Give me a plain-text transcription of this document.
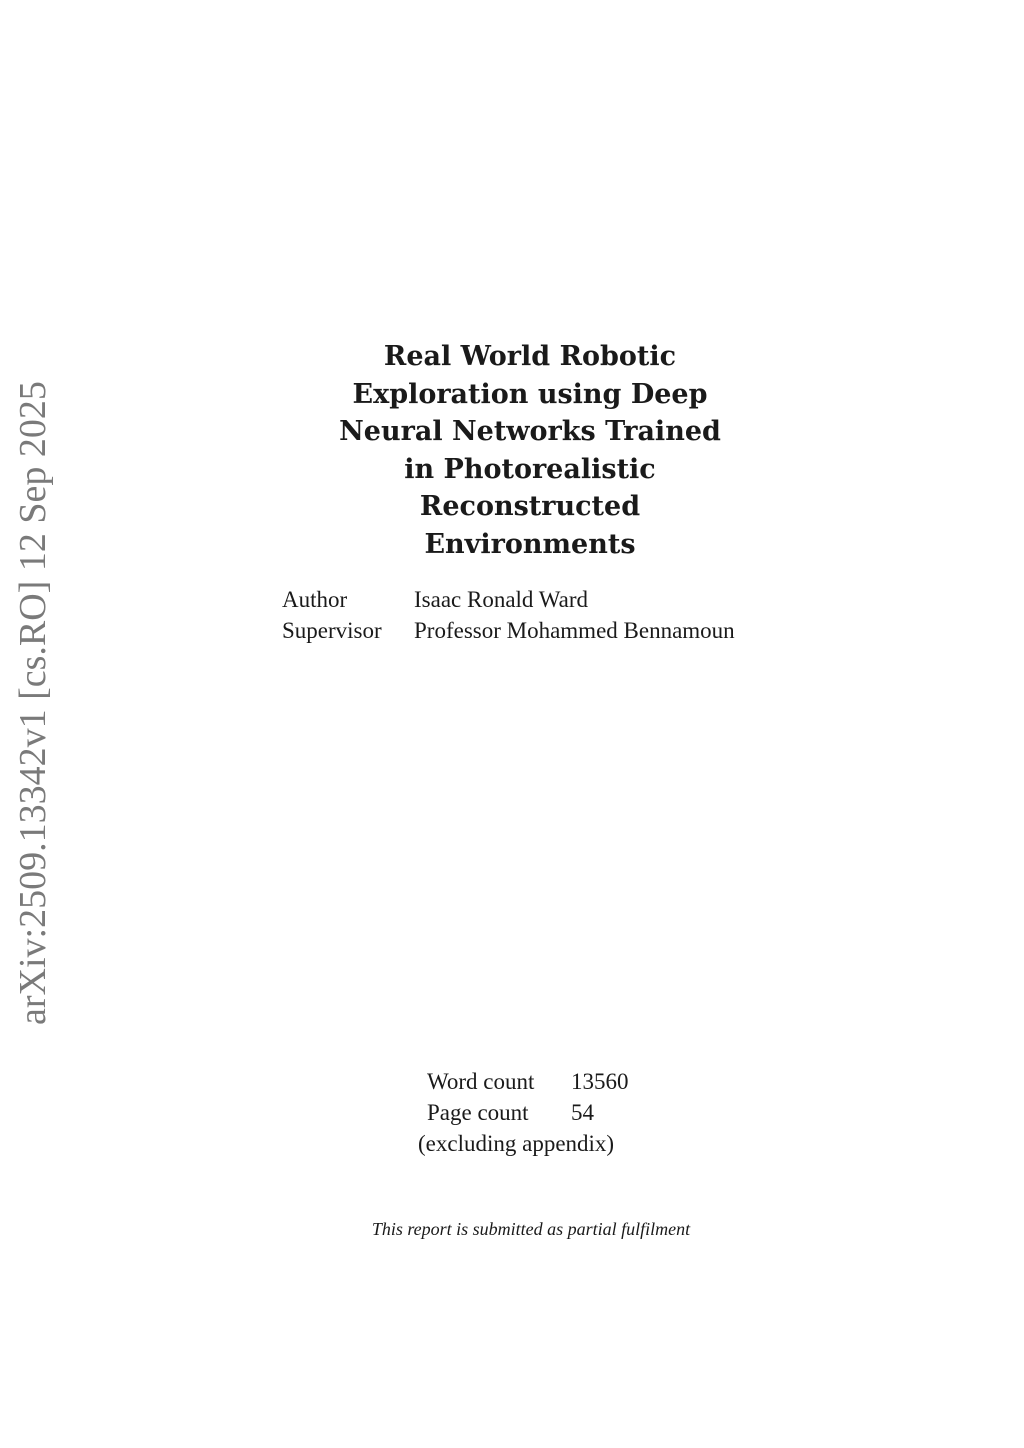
arXiv:2509.13342v1 [cs.RO] 12 Sep 2025
Real World Robotic
Exploration using Deep
Neural Networks Trained
in Photorealistic
Reconstructed
Environments
Author	Isaac Ronald Ward
Supervisor	Professor Mohammed Bennamoun
Word count	13560
Page count	54
(excluding appendix)
This report is submitted as partial fulfilment
